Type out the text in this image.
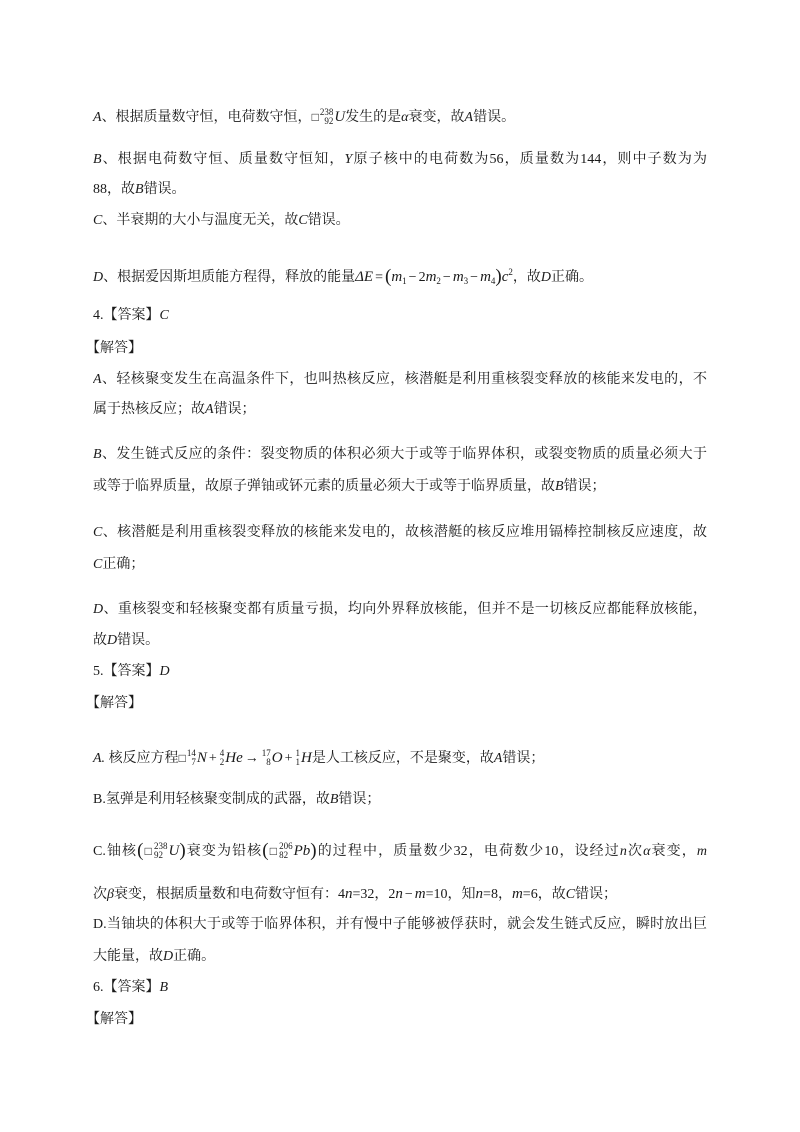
A、根据质量数守恒，电荷数守恒，□ 238
92 U发生的是α衰变，故A错误。
B、根据电荷数守恒、质量数守恒知，Y原子核中的电荷数为56，质量数为144，则中子数为为
88，故B错误。
C、半衰期的大小与温度无关，故C错误。
D、根据爱因斯坦质能方程得，释放的能量$\Delta E = (m_1 - 2m_2 - m_3 - m_4)c^2$，故D正确。
4.【答案】C
【解答】
A、轻核聚变发生在高温条件下，也叫热核反应，核潜艇是利用重核裂变释放的核能来发电的，不
属于热核反应；故A错误；
B、发生链式反应的条件：裂变物质的体积必须大于或等于临界体积，或裂变物质的质量必须大于
或等于临界质量，故原子弹铀或钚元素的质量必须大于或等于临界质量，故B错误；
C、核潜艇是利用重核裂变释放的核能来发电的，故核潜艇的核反应堆用镉棒控制核反应速度，故
C正确；
D、重核裂变和轻核聚变都有质量亏损，均向外界释放核能，但并不是一切核反应都能释放核能，
故D错误。
5.【答案】D
【解答】
A. 核反应方程□ 14
7 N + 4
2 He → 17
8 O + 1
1 H是人工核反应，不是聚变，故A错误；
B.氢弹是利用轻核聚变制成的武器，故B错误；
C.铀核(□ 238
92 U)衰变为铅核(□ 206
82 Pb)的过程中，质量数少32，电荷数少10，设经过n次α衰变，m
次β衰变，根据质量数和电荷数守恒有：4n=32，2n − m=10，知n=8，m=6，故C错误；
D.当铀块的体积大于或等于临界体积，并有慢中子能够被俘获时，就会发生链式反应，瞬时放出巨
大能量，故D正确。
6.【答案】B
【解答】
